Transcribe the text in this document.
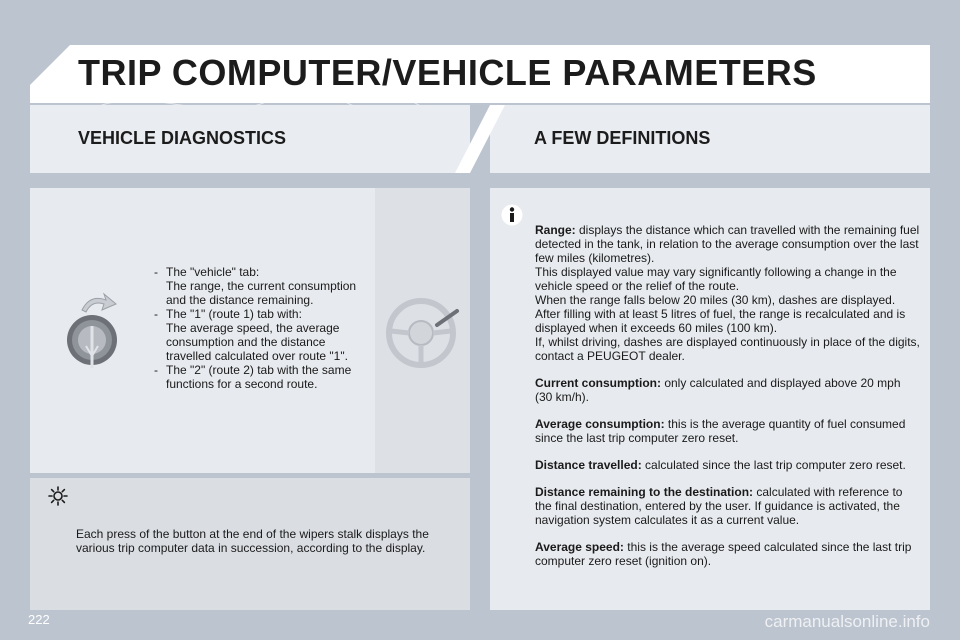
TRIP COMPUTER/VEHICLE PARAMETERS
VEHICLE DIAGNOSTICS	A FEW DEFINITIONS
- The "vehicle" tab:
The range, the current consumption and the distance remaining.
- The "1" (route 1) tab with:
The average speed, the average consumption and the distance travelled calculated over route "1".
- The "2" (route 2) tab with the same functions for a second route.

Each press of the button at the end of the wipers stalk displays the various trip computer data in succession, according to the display.

Range: displays the distance which can travelled with the remaining fuel detected in the tank, in relation to the average consumption over the last few miles (kilometres).
This displayed value may vary significantly following a change in the vehicle speed or the relief of the route.
When the range falls below 20 miles (30 km), dashes are displayed. After filling with at least 5 litres of fuel, the range is recalculated and is displayed when it exceeds 60 miles (100 km).
If, whilst driving, dashes are displayed continuously in place of the digits, contact a PEUGEOT dealer.

Current consumption: only calculated and displayed above 20 mph (30 km/h).

Average consumption: this is the average quantity of fuel consumed since the last trip computer zero reset.

Distance travelled: calculated since the last trip computer zero reset.

Distance remaining to the destination: calculated with reference to the final destination, entered by the user. If guidance is activated, the navigation system calculates it as a current value.

Average speed: this is the average speed calculated since the last trip computer zero reset (ignition on).

222	carmanualsonline.info
